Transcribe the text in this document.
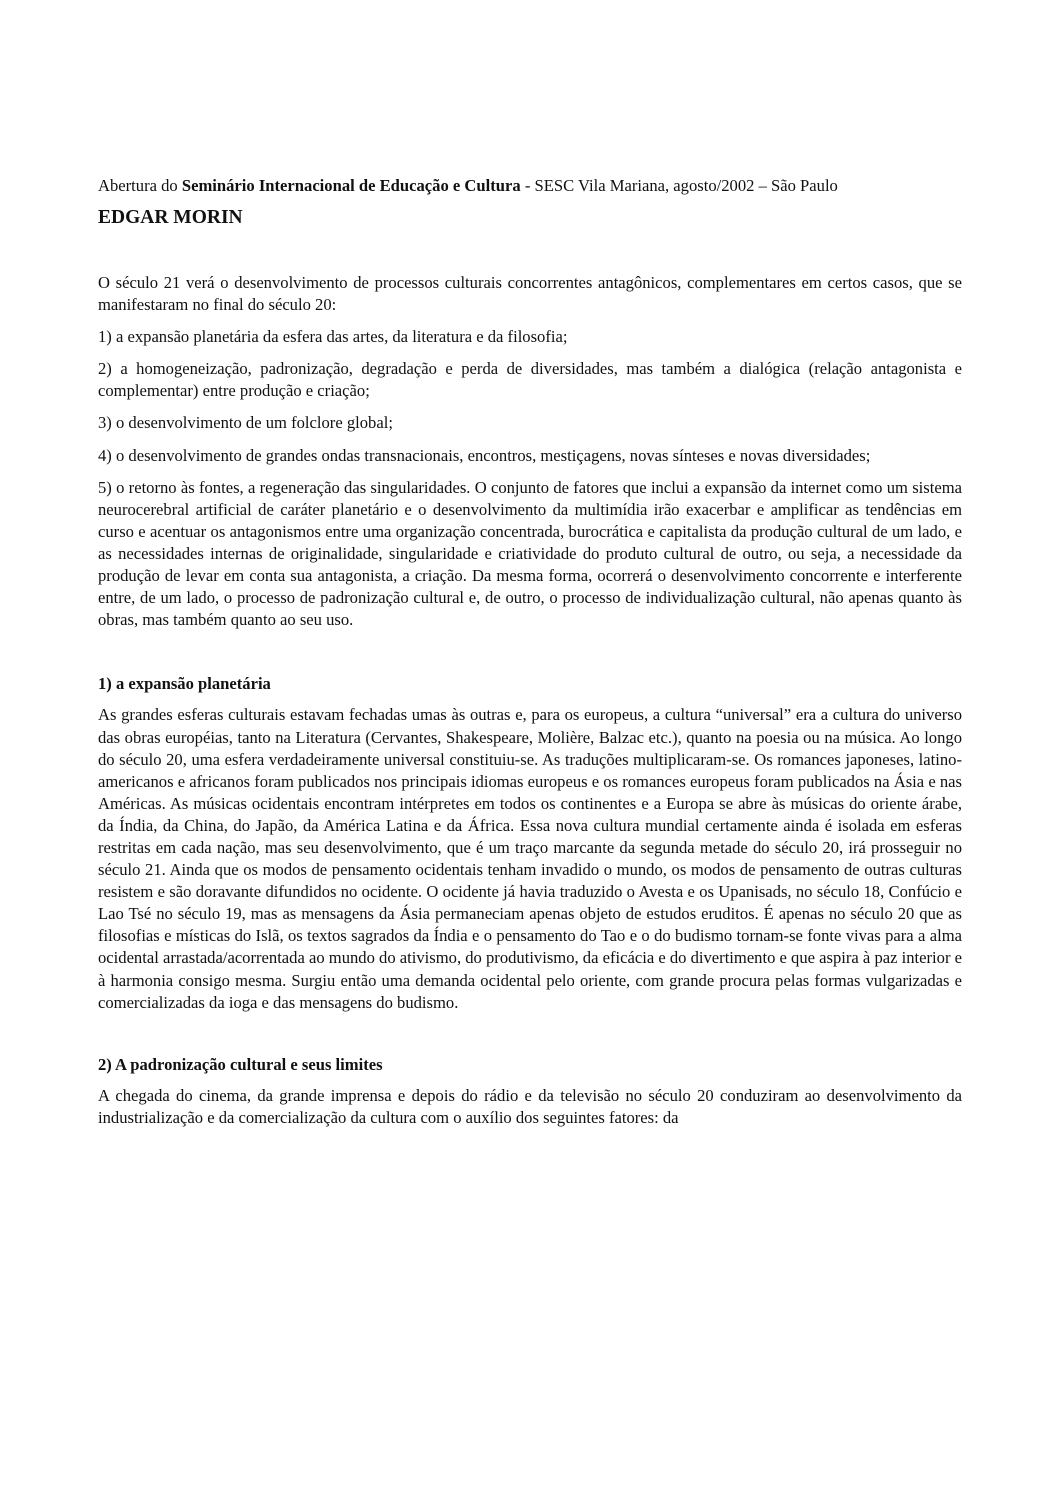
Abertura do Seminário Internacional de Educação e Cultura - SESC Vila Mariana, agosto/2002 – São Paulo
EDGAR MORIN

O século 21 verá o desenvolvimento de processos culturais concorrentes antagônicos, complementares em certos casos, que se manifestaram no final do século 20:

1) a expansão planetária da esfera das artes, da literatura e da filosofia;

2) a homogeneização, padronização, degradação e perda de diversidades, mas também a dialógica (relação antagonista e complementar) entre produção e criação;

3) o desenvolvimento de um folclore global;

4) o desenvolvimento de grandes ondas transnacionais, encontros, mestiçagens, novas sínteses e novas diversidades;

5) o retorno às fontes, a regeneração das singularidades. O conjunto de fatores que inclui a expansão da internet como um sistema neurocerebral artificial de caráter planetário e o desenvolvimento da multimídia irão exacerbar e amplificar as tendências em curso e acentuar os antagonismos entre uma organização concentrada, burocrática e capitalista da produção cultural de um lado, e as necessidades internas de originalidade, singularidade e criatividade do produto cultural de outro, ou seja, a necessidade da produção de levar em conta sua antagonista, a criação. Da mesma forma, ocorrerá o desenvolvimento concorrente e interferente entre, de um lado, o processo de padronização cultural e, de outro, o processo de individualização cultural, não apenas quanto às obras, mas também quanto ao seu uso.

1) a expansão planetária

As grandes esferas culturais estavam fechadas umas às outras e, para os europeus, a cultura “universal” era a cultura do universo das obras européias, tanto na Literatura (Cervantes, Shakespeare, Molière, Balzac etc.), quanto na poesia ou na música. Ao longo do século 20, uma esfera verdadeiramente universal constituiu-se. As traduções multiplicaram-se. Os romances japoneses, latino-americanos e africanos foram publicados nos principais idiomas europeus e os romances europeus foram publicados na Ásia e nas Américas. As músicas ocidentais encontram intérpretes em todos os continentes e a Europa se abre às músicas do oriente árabe, da Índia, da China, do Japão, da América Latina e da África. Essa nova cultura mundial certamente ainda é isolada em esferas restritas em cada nação, mas seu desenvolvimento, que é um traço marcante da segunda metade do século 20, irá prosseguir no século 21. Ainda que os modos de pensamento ocidentais tenham invadido o mundo, os modos de pensamento de outras culturas resistem e são doravante difundidos no ocidente. O ocidente já havia traduzido o Avesta e os Upanisads, no século 18, Confúcio e Lao Tsé no século 19, mas as mensagens da Ásia permaneciam apenas objeto de estudos eruditos. É apenas no século 20 que as filosofias e místicas do Islã, os textos sagrados da Índia e o pensamento do Tao e o do budismo tornam-se fonte vivas para a alma ocidental arrastada/acorrentada ao mundo do ativismo, do produtivismo, da eficácia e do divertimento e que aspira à paz interior e à harmonia consigo mesma. Surgiu então uma demanda ocidental pelo oriente, com grande procura pelas formas vulgarizadas e comercializadas da ioga e das mensagens do budismo.

2) A padronização cultural e seus limites

A chegada do cinema, da grande imprensa e depois do rádio e da televisão no século 20 conduziram ao desenvolvimento da industrialização e da comercialização da cultura com o auxílio dos seguintes fatores: da
